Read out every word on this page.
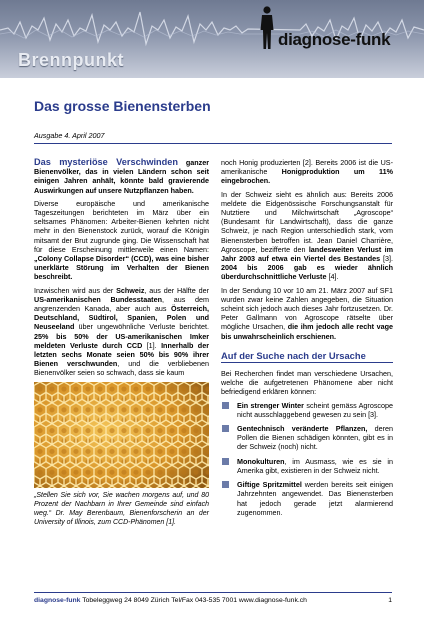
Brennpunkt
diagnose-funk
Das grosse Bienensterben
Ausgabe 4. April 2007

Das mysteriöse Verschwinden ganzer Bienenvölker, das in vielen Ländern schon seit einigen Jahren anhält, könnte bald gravierende Auswirkungen auf unsere Nutzpflanzen haben.

Diverse europäische und amerikanische Tageszeitungen berichteten im März über ein seltsames Phänomen: Arbeiter-Bienen kehrten nicht mehr in den Bienenstock zurück, worauf die Königin mitsamt der Brut zugrunde ging. Die Wissenschaft hat für diese Erscheinung mittlerweile einen Namen: „Colony Collapse Disorder“ (CCD), was eine bisher unerklärte Störung im Verhalten der Bienen beschreibt.

Inzwischen wird aus der Schweiz, aus der Hälfte der US-amerikanischen Bundesstaaten, aus dem angrenzenden Kanada, aber auch aus Österreich, Deutschland, Südtirol, Spanien, Polen und Neuseeland über ungewöhnliche Verluste berichtet. 25% bis 50% der US-amerikanischen Imker meldeten Verluste durch CCD [1]. Innerhalb der letzten sechs Monate seien 50% bis 90% ihrer Bienen verschwunden, und die verbliebenen Bienenvölker seien so schwach, dass sie kaum

„Stellen Sie sich vor, Sie wachen morgens auf, und 80 Prozent der Nachbarn in Ihrer Gemeinde sind einfach weg.“ Dr. May Berenbaum, Bienenforscherin an der University of Illinois, zum CCD-Phänomen [1].

noch Honig produzierten [2]. Bereits 2006 ist die US-amerikanische Honigproduktion um 11% eingebrochen.

In der Schweiz sieht es ähnlich aus: Bereits 2006 meldete die Eidgenössische Forschungsanstalt für Nutztiere und Milchwirtschaft „Agroscope“ (Bundesamt für Landwirtschaft), dass die ganze Schweiz, je nach Region unterschiedlich stark, vom Bienensterben betroffen ist. Jean Daniel Charrière, Agroscope, bezifferte den landesweiten Verlust im Jahr 2003 auf etwa ein Viertel des Bestandes [3]. 2004 bis 2006 gab es wieder ähnlich überdurchschnittliche Verluste [4].

In der Sendung 10 vor 10 am 21. März 2007 auf SF1 wurden zwar keine Zahlen angegeben, die Situation scheint sich jedoch auch dieses Jahr fortzusetzen. Dr. Peter Gallmann von Agroscope rätselte über mögliche Ursachen, die ihm jedoch alle recht vage bis unwahrscheinlich erschienen.

Auf der Suche nach der Ursache

Bei Recherchen findet man verschiedene Ursachen, welche die aufgetretenen Phänomene aber nicht befriedigend erklären können:

Ein strenger Winter scheint gemäss Agroscope nicht ausschlaggebend gewesen zu sein [3].
Gentechnisch veränderte Pflanzen, deren Pollen die Bienen schädigen könnten, gibt es in der Schweiz (noch) nicht.
Monokulturen, im Ausmass, wie es sie in Amerika gibt, existieren in der Schweiz nicht.
Giftige Spritzmittel werden bereits seit einigen Jahrzehnten angewendet. Das Bienensterben hat jedoch gerade jetzt alarmierend zugenommen.
diagnose-funk Tobeleggweg 24 8049 Zürich Tel/Fax 043-535 7001 www.diagnose-funk.ch	1
